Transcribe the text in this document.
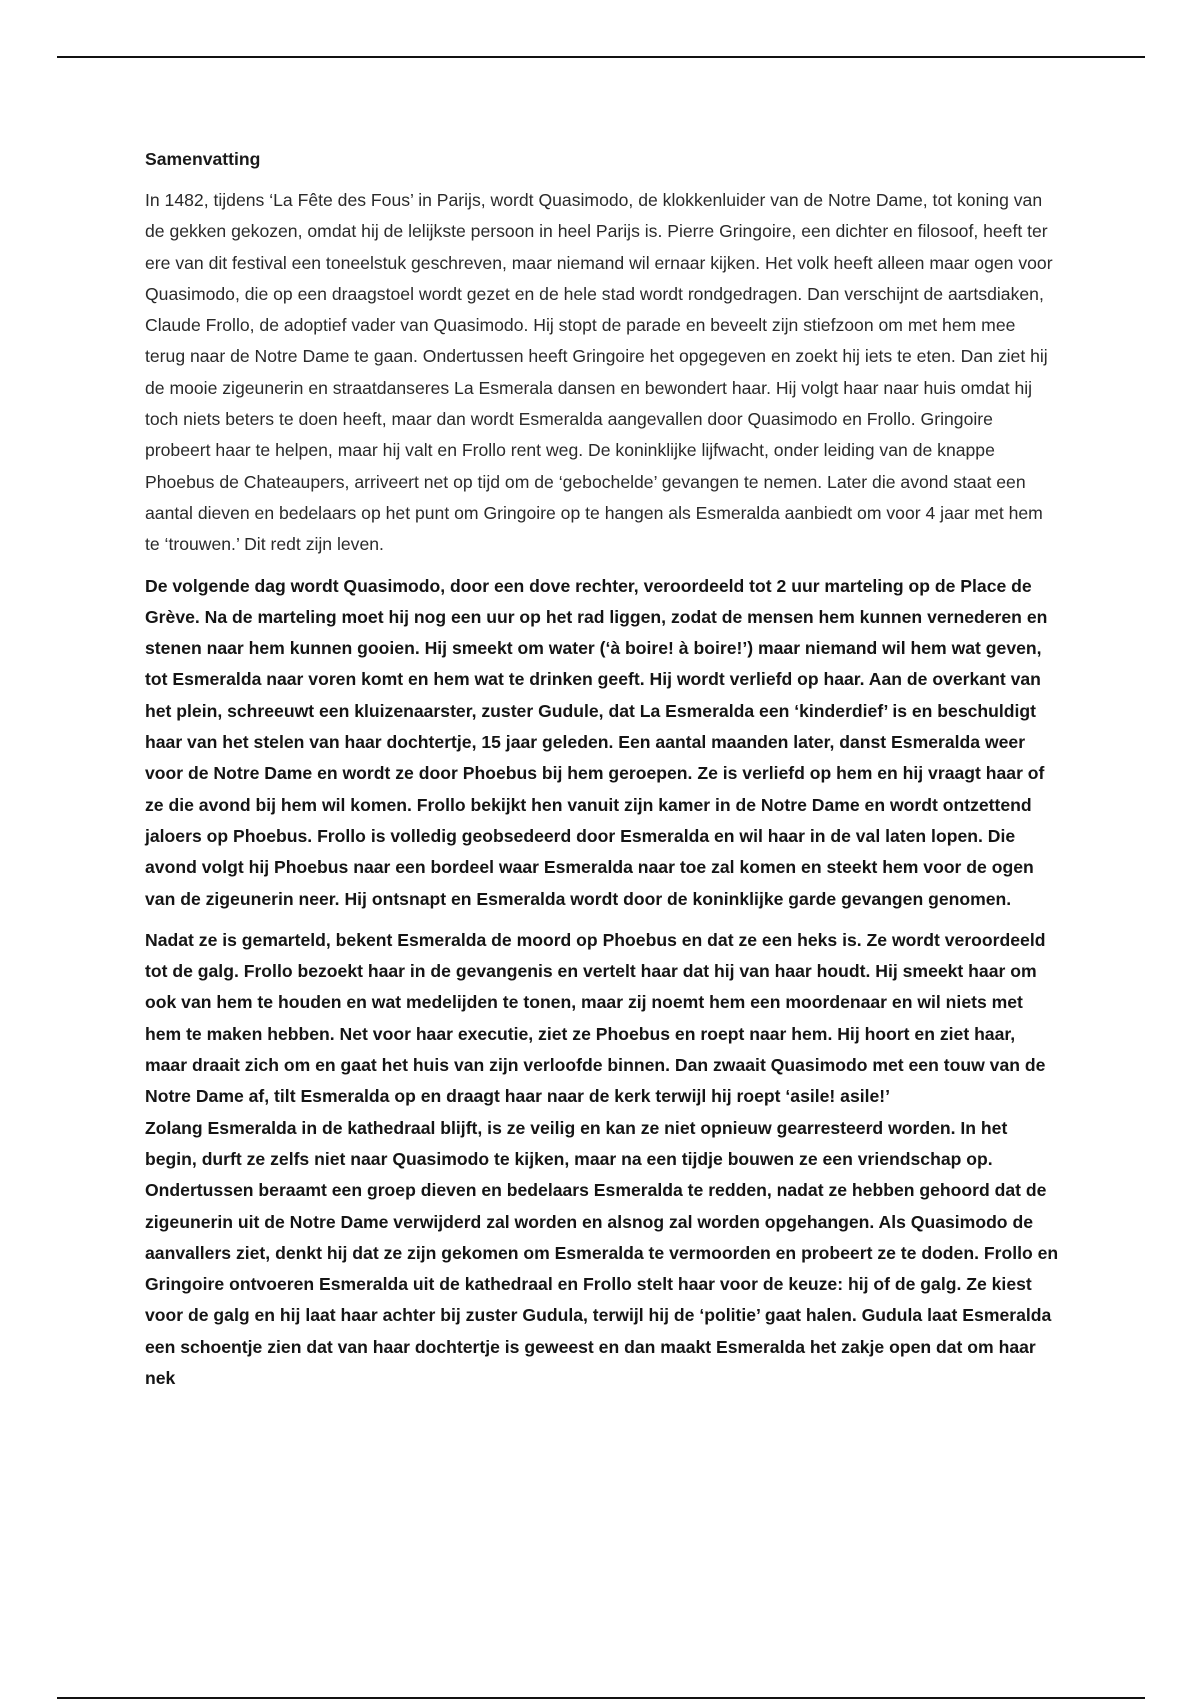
Samenvatting

In 1482, tijdens ‘La Fête des Fous’ in Parijs, wordt Quasimodo, de klokkenluider van de Notre Dame, tot koning van de gekken gekozen, omdat hij de lelijkste persoon in heel Parijs is. Pierre Gringoire, een dichter en filosoof, heeft ter ere van dit festival een toneelstuk geschreven, maar niemand wil ernaar kijken. Het volk heeft alleen maar ogen voor Quasimodo, die op een draagstoel wordt gezet en de hele stad wordt rondgedragen. Dan verschijnt de aartsdiaken, Claude Frollo, de adoptief vader van Quasimodo. Hij stopt de parade en beveelt zijn stiefzoon om met hem mee terug naar de Notre Dame te gaan. Ondertussen heeft Gringoire het opgegeven en zoekt hij iets te eten. Dan ziet hij de mooie zigeunerin en straatdanseres La Esmerala dansen en bewondert haar. Hij volgt haar naar huis omdat hij toch niets beters te doen heeft, maar dan wordt Esmeralda aangevallen door Quasimodo en Frollo. Gringoire probeert haar te helpen, maar hij valt en Frollo rent weg. De koninklijke lijfwacht, onder leiding van de knappe Phoebus de Chateaupers, arriveert net op tijd om de ‘gebochelde’ gevangen te nemen. Later die avond staat een aantal dieven en bedelaars op het punt om Gringoire op te hangen als Esmeralda aanbiedt om voor 4 jaar met hem te ‘trouwen.’ Dit redt zijn leven.

De volgende dag wordt Quasimodo, door een dove rechter, veroordeeld tot 2 uur marteling op de Place de Grève. Na de marteling moet hij nog een uur op het rad liggen, zodat de mensen hem kunnen vernederen en stenen naar hem kunnen gooien. Hij smeekt om water (‘à boire! à boire!’) maar niemand wil hem wat geven, tot Esmeralda naar voren komt en hem wat te drinken geeft. Hij wordt verliefd op haar. Aan de overkant van het plein, schreeuwt een kluizenaarster, zuster Gudule, dat La Esmeralda een ‘kinderdief’ is en beschuldigt haar van het stelen van haar dochtertje, 15 jaar geleden. Een aantal maanden later, danst Esmeralda weer voor de Notre Dame en wordt ze door Phoebus bij hem geroepen. Ze is verliefd op hem en hij vraagt haar of ze die avond bij hem wil komen. Frollo bekijkt hen vanuit zijn kamer in de Notre Dame en wordt ontzettend jaloers op Phoebus. Frollo is volledig geobsedeerd door Esmeralda en wil haar in de val laten lopen. Die avond volgt hij Phoebus naar een bordeel waar Esmeralda naar toe zal komen en steekt hem voor de ogen van de zigeunerin neer. Hij ontsnapt en Esmeralda wordt door de koninklijke garde gevangen genomen.

Nadat ze is gemarteld, bekent Esmeralda de moord op Phoebus en dat ze een heks is. Ze wordt veroordeeld tot de galg. Frollo bezoekt haar in de gevangenis en vertelt haar dat hij van haar houdt. Hij smeekt haar om ook van hem te houden en wat medelijden te tonen, maar zij noemt hem een moordenaar en wil niets met hem te maken hebben. Net voor haar executie, ziet ze Phoebus en roept naar hem. Hij hoort en ziet haar, maar draait zich om en gaat het huis van zijn verloofde binnen. Dan zwaait Quasimodo met een touw van de Notre Dame af, tilt Esmeralda op en draagt haar naar de kerk terwijl hij roept ‘asile! asile!’

Zolang Esmeralda in de kathedraal blijft, is ze veilig en kan ze niet opnieuw gearresteerd worden. In het begin, durft ze zelfs niet naar Quasimodo te kijken, maar na een tijdje bouwen ze een vriendschap op. Ondertussen beraamt een groep dieven en bedelaars Esmeralda te redden, nadat ze hebben gehoord dat de zigeunerin uit de Notre Dame verwijderd zal worden en alsnog zal worden opgehangen. Als Quasimodo de aanvallers ziet, denkt hij dat ze zijn gekomen om Esmeralda te vermoorden en probeert ze te doden. Frollo en Gringoire ontvoeren Esmeralda uit de kathedraal en Frollo stelt haar voor de keuze: hij of de galg. Ze kiest voor de galg en hij laat haar achter bij zuster Gudula, terwijl hij de ‘politie’ gaat halen. Gudula laat Esmeralda een schoentje zien dat van haar dochtertje is geweest en dan maakt Esmeralda het zakje open dat om haar nek
